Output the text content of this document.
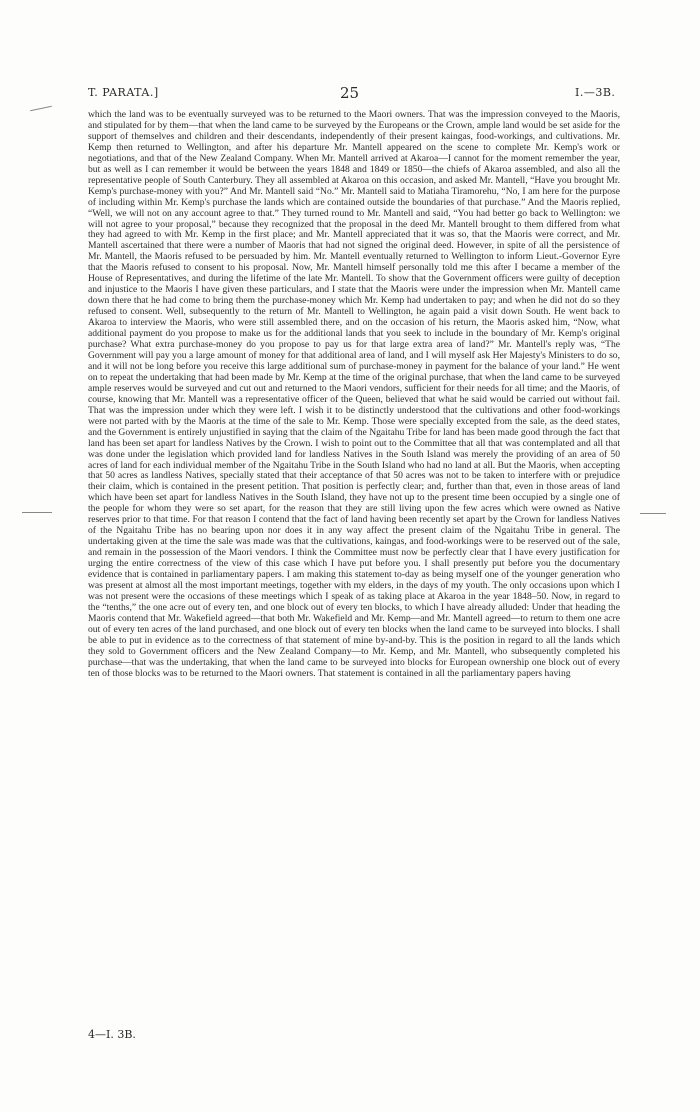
T. PARATA.]	25	I.—3B.

which the land was to be eventually surveyed was to be returned to the Maori owners. That was the impression conveyed to the Maoris, and stipulated for by them—that when the land came to be surveyed by the Europeans or the Crown, ample land would be set aside for the support of themselves and children and their descendants, independently of their present kaingas, food-workings, and cultivations. Mr. Kemp then returned to Wellington, and after his departure Mr. Mantell appeared on the scene to complete Mr. Kemp's work or negotiations, and that of the New Zealand Company. When Mr. Mantell arrived at Akaroa—I cannot for the moment remember the year, but as well as I can remember it would be between the years 1848 and 1849 or 1850—the chiefs of Akaroa assembled, and also all the representative people of South Canterbury. They all assembled at Akaroa on this occasion, and asked Mr. Mantell, “Have you brought Mr. Kemp's purchase-money with you?” And Mr. Mantell said “No.” Mr. Mantell said to Matiaha Tiramorehu, “No, I am here for the purpose of including within Mr. Kemp's purchase the lands which are contained outside the boundaries of that purchase.” And the Maoris replied, “Well, we will not on any account agree to that.” They turned round to Mr. Mantell and said, “You had better go back to Wellington: we will not agree to your proposal,” because they recognized that the proposal in the deed Mr. Mantell brought to them differed from what they had agreed to with Mr. Kemp in the first place; and Mr. Mantell appreciated that it was so, that the Maoris were correct, and Mr. Mantell ascertained that there were a number of Maoris that had not signed the original deed. However, in spite of all the persistence of Mr. Mantell, the Maoris refused to be persuaded by him. Mr. Mantell eventually returned to Wellington to inform Lieut.-Governor Eyre that the Maoris refused to consent to his proposal. Now, Mr. Mantell himself personally told me this after I became a member of the House of Representatives, and during the lifetime of the late Mr. Mantell. To show that the Government officers were guilty of deception and injustice to the Maoris I have given these particulars, and I state that the Maoris were under the impression when Mr. Mantell came down there that he had come to bring them the purchase-money which Mr. Kemp had undertaken to pay; and when he did not do so they refused to consent. Well, subsequently to the return of Mr. Mantell to Wellington, he again paid a visit down South. He went back to Akaroa to interview the Maoris, who were still assembled there, and on the occasion of his return, the Maoris asked him, “Now, what additional payment do you propose to make us for the additional lands that you seek to include in the boundary of Mr. Kemp's original purchase? What extra purchase-money do you propose to pay us for that large extra area of land?” Mr. Mantell's reply was, “The Government will pay you a large amount of money for that additional area of land, and I will myself ask Her Majesty's Ministers to do so, and it will not be long before you receive this large additional sum of purchase-money in payment for the balance of your land.” He went on to repeat the undertaking that had been made by Mr. Kemp at the time of the original purchase, that when the land came to be surveyed ample reserves would be surveyed and cut out and returned to the Maori vendors, sufficient for their needs for all time; and the Maoris, of course, knowing that Mr. Mantell was a representative officer of the Queen, believed that what he said would be carried out without fail. That was the impression under which they were left. I wish it to be distinctly understood that the cultivations and other food-workings were not parted with by the Maoris at the time of the sale to Mr. Kemp. Those were specially excepted from the sale, as the deed states, and the Government is entirely unjustified in saying that the claim of the Ngaitahu Tribe for land has been made good through the fact that land has been set apart for landless Natives by the Crown. I wish to point out to the Committee that all that was contemplated and all that was done under the legislation which provided land for landless Natives in the South Island was merely the providing of an area of 50 acres of land for each individual member of the Ngaitahu Tribe in the South Island who had no land at all. But the Maoris, when accepting that 50 acres as landless Natives, specially stated that their acceptance of that 50 acres was not to be taken to interfere with or prejudice their claim, which is contained in the present petition. That position is perfectly clear; and, further than that, even in those areas of land which have been set apart for landless Natives in the South Island, they have not up to the present time been occupied by a single one of the people for whom they were so set apart, for the reason that they are still living upon the few acres which were owned as Native reserves prior to that time. For that reason I contend that the fact of land having been recently set apart by the Crown for landless Natives of the Ngaitahu Tribe has no bearing upon nor does it in any way affect the present claim of the Ngaitahu Tribe in general. The undertaking given at the time the sale was made was that the cultivations, kaingas, and food-workings were to be reserved out of the sale, and remain in the possession of the Maori vendors. I think the Committee must now be perfectly clear that I have every justification for urging the entire correctness of the view of this case which I have put before you. I shall presently put before you the documentary evidence that is contained in parliamentary papers. I am making this statement to-day as being myself one of the younger generation who was present at almost all the most important meetings, together with my elders, in the days of my youth. The only occasions upon which I was not present were the occasions of these meetings which I speak of as taking place at Akaroa in the year 1848–50. Now, in regard to the “tenths,” the one acre out of every ten, and one block out of every ten blocks, to which I have already alluded: Under that heading the Maoris contend that Mr. Wakefield agreed—that both Mr. Wakefield and Mr. Kemp—and Mr. Mantell agreed—to return to them one acre out of every ten acres of the land purchased, and one block out of every ten blocks when the land came to be surveyed into blocks. I shall be able to put in evidence as to the correctness of that statement of mine by-and-by. This is the position in regard to all the lands which they sold to Government officers and the New Zealand Company—to Mr. Kemp, and Mr. Mantell, who subsequently completed his purchase—that was the undertaking, that when the land came to be surveyed into blocks for European ownership one block out of every ten of those blocks was to be returned to the Maori owners. That statement is contained in all the parliamentary papers having

4—I. 3B.
